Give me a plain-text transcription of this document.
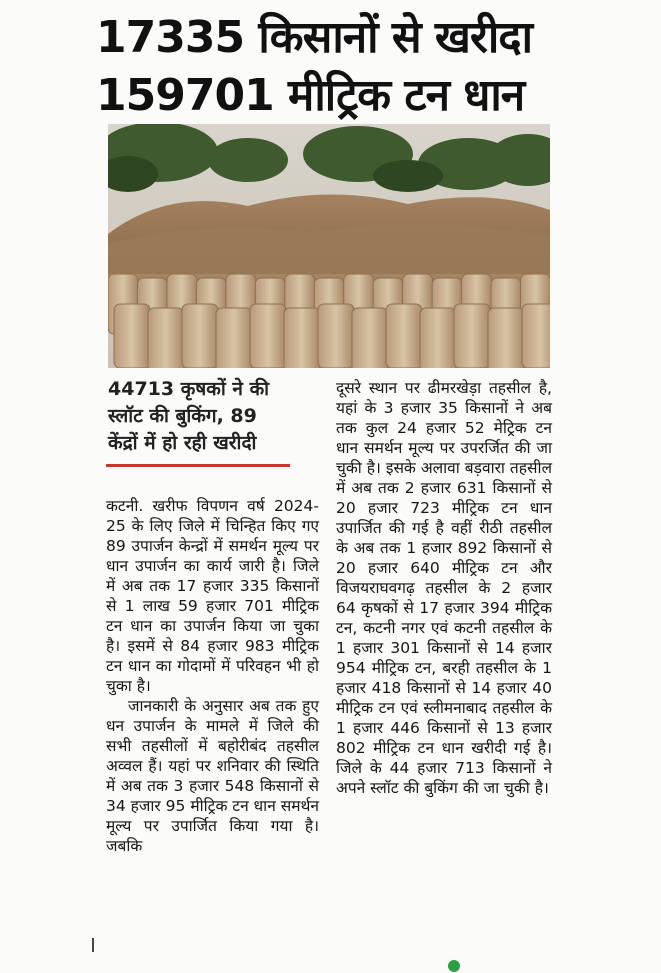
17335 किसानों से खरीदा
159701 मीट्रिक टन धान
44713 कृषकों ने की स्लॉट की बुकिंग, 89 केंद्रों में हो रही खरीदी

कटनी. खरीफ विपणन वर्ष 2024-25 के लिए जिले में चिन्हित किए गए 89 उपार्जन केन्द्रों में समर्थन मूल्य पर धान उपार्जन का कार्य जारी है। जिले में अब तक 17 हजार 335 किसानों से 1 लाख 59 हजार 701 मीट्रिक टन धान का उपार्जन किया जा चुका है। इसमें से 84 हजार 983 मीट्रिक टन धान का गोदामों में परिवहन भी हो चुका है।

जानकारी के अनुसार अब तक हुए धन उपार्जन के मामले में जिले की सभी तहसीलों में बहोरीबंद तहसील अव्वल हैं। यहां पर शनिवार की स्थिति में अब तक 3 हजार 548 किसानों से 34 हजार 95 मीट्रिक टन धान समर्थन मूल्य पर उपार्जित किया गया है। जबकि

दूसरे स्थान पर ढीमरखेड़ा तहसील है, यहां के 3 हजार 35 किसानों ने अब तक कुल 24 हजार 52 मेट्रिक टन धान समर्थन मूल्य पर उपरर्जित की जा चुकी है। इसके अलावा बड़वारा तहसील में अब तक 2 हजार 631 किसानों से 20 हजार 723 मीट्रिक टन धान उपार्जित की गई है वहीं रीठी तहसील के अब तक 1 हजार 892 किसानों से 20 हजार 640 मीट्रिक टन और विजयराघवगढ़ तहसील के 2 हजार 64 कृषकों से 17 हजार 394 मीट्रिक टन, कटनी नगर एवं कटनी तहसील के 1 हजार 301 किसानों से 14 हजार 954 मीट्रिक टन, बरही तहसील के 1 हजार 418 किसानों से 14 हजार 40 मीट्रिक टन एवं स्लीमनाबाद तहसील के 1 हजार 446 किसानों से 13 हजार 802 मीट्रिक टन धान खरीदी गई है। जिले के 44 हजार 713 किसानों ने अपने स्लॉट की बुकिंग की जा चुकी है।
